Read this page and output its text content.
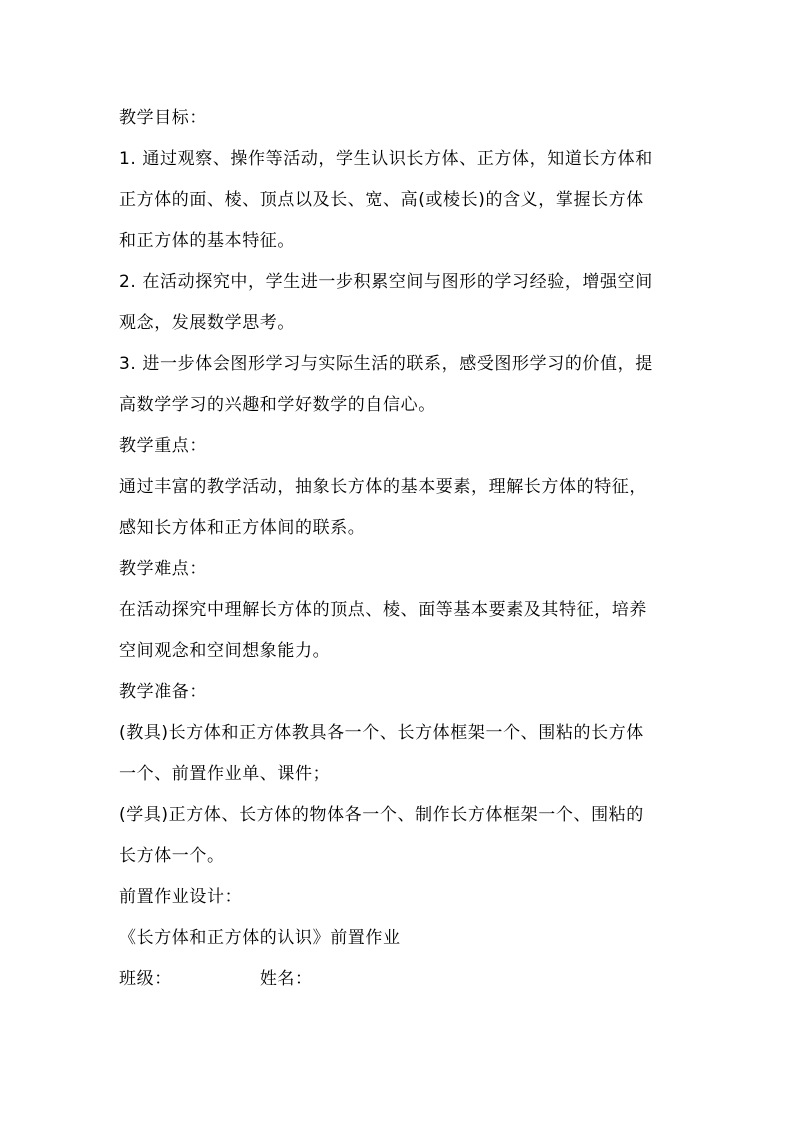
教学目标：
1. 通过观察、操作等活动，学生认识长方体、正方体，知道长方体和
正方体的面、棱、顶点以及长、宽、高(或棱长)的含义，掌握长方体
和正方体的基本特征。
2. 在活动探究中，学生进一步积累空间与图形的学习经验，增强空间
观念，发展数学思考。
3. 进一步体会图形学习与实际生活的联系，感受图形学习的价值，提
高数学学习的兴趣和学好数学的自信心。
教学重点：
通过丰富的教学活动，抽象长方体的基本要素，理解长方体的特征，
感知长方体和正方体间的联系。
教学难点：
在活动探究中理解长方体的顶点、棱、面等基本要素及其特征，培养
空间观念和空间想象能力。
教学准备：
(教具)长方体和正方体教具各一个、长方体框架一个、围粘的长方体
一个、前置作业单、课件；
(学具)正方体、长方体的物体各一个、制作长方体框架一个、围粘的
长方体一个。
前置作业设计：
《长方体和正方体的认识》前置作业
班级：	姓名：
